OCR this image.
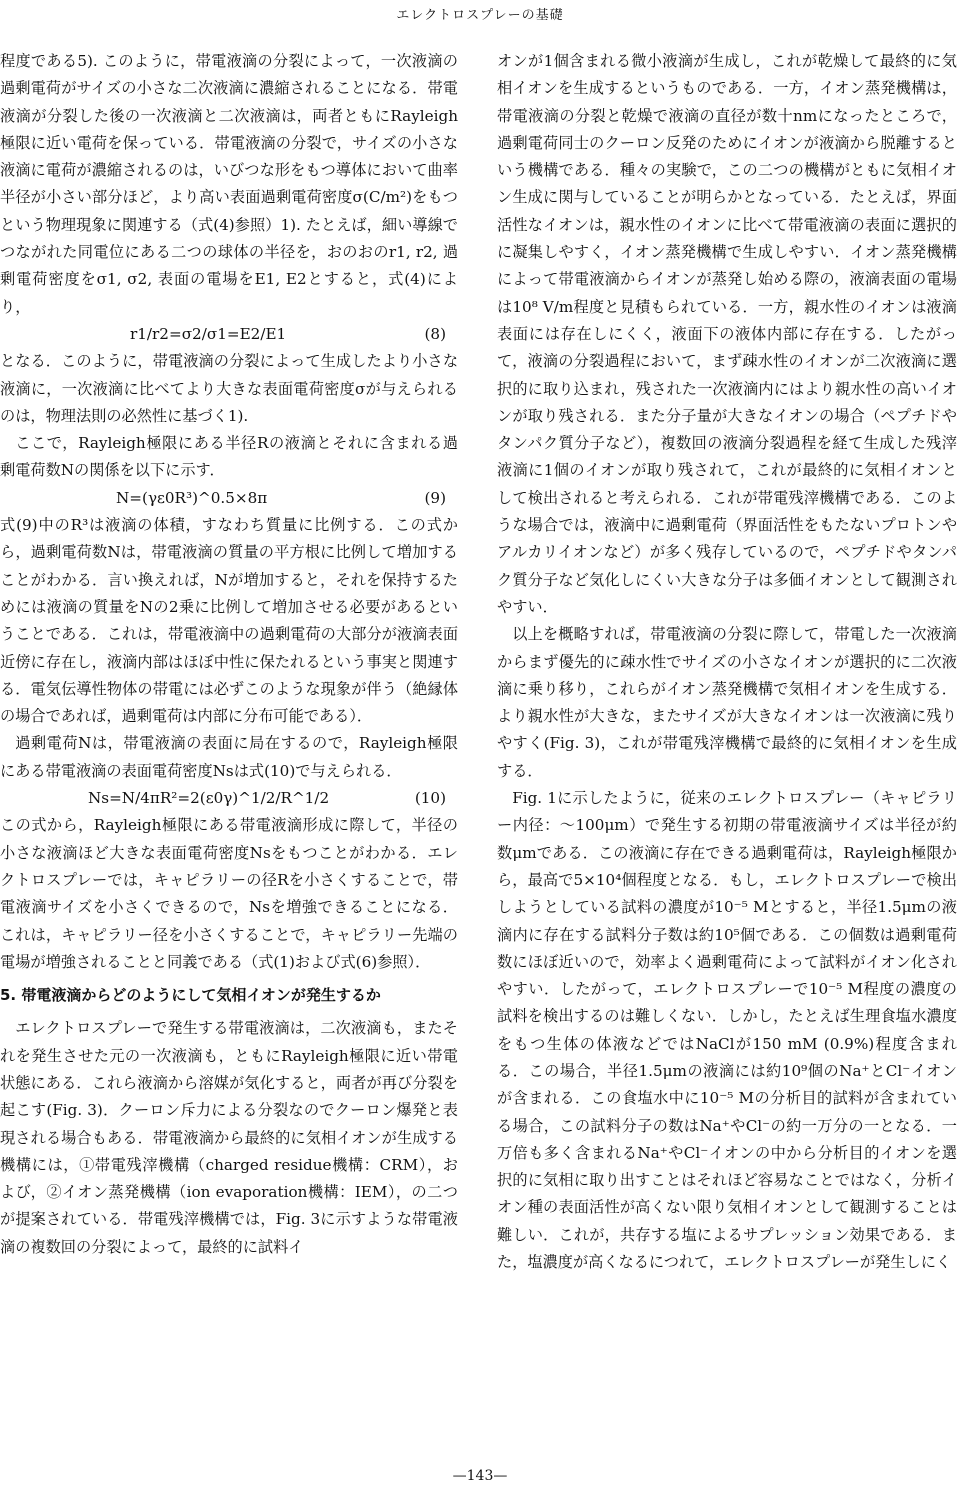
エレクトロスプレーの基礎

程度である5). このように，帯電液滴の分裂によって，一次液滴の過剰電荷がサイズの小さな二次液滴に濃縮されることになる．帯電液滴が分裂した後の一次液滴と二次液滴は，両者ともにRayleigh極限に近い電荷を保っている．帯電液滴の分裂で，サイズの小さな液滴に電荷が濃縮されるのは，いびつな形をもつ導体において曲率半径が小さい部分ほど，より高い表面過剰電荷密度σ(C/m²)をもつという物理現象に関連する（式(4)参照）1). たとえば，細い導線でつながれた同電位にある二つの球体の半径を，おのおのr1, r2, 過剰電荷密度をσ1, σ2, 表面の電場をE1, E2とすると，式(4)により，

r1/r2=σ2/σ1=E2/E1	(8)

となる．このように，帯電液滴の分裂によって生成したより小さな液滴に，一次液滴に比べてより大きな表面電荷密度σが与えられるのは，物理法則の必然性に基づく1).

ここで，Rayleigh極限にある半径Rの液滴とそれに含まれる過剰電荷数Nの関係を以下に示す．

N=(γε0R³)^0.5×8π	(9)

式(9)中のR³は液滴の体積，すなわち質量に比例する．この式から，過剰電荷数Nは，帯電液滴の質量の平方根に比例して増加することがわかる．言い換えれば，Nが増加すると，それを保持するためには液滴の質量をNの2乗に比例して増加させる必要があるということである．これは，帯電液滴中の過剰電荷の大部分が液滴表面近傍に存在し，液滴内部はほぼ中性に保たれるという事実と関連する．電気伝導性物体の帯電には必ずこのような現象が伴う（絶縁体の場合であれば，過剰電荷は内部に分布可能である）．

過剰電荷Nは，帯電液滴の表面に局在するので，Rayleigh極限にある帯電液滴の表面電荷密度Nsは式(10)で与えられる．

Ns=N/4πR²=2(ε0γ)^1/2/R^1/2	(10)

この式から，Rayleigh極限にある帯電液滴形成に際して，半径の小さな液滴ほど大きな表面電荷密度Nsをもつことがわかる．エレクトロスプレーでは，キャピラリーの径Rを小さくすることで，帯電液滴サイズを小さくできるので，Nsを増強できることになる．これは，キャピラリー径を小さくすることで，キャピラリー先端の電場が増強されることと同義である（式(1)および式(6)参照）．

5. 帯電液滴からどのようにして気相イオンが発生するか

エレクトロスプレーで発生する帯電液滴は，二次液滴も，またそれを発生させた元の一次液滴も，ともにRayleigh極限に近い帯電状態にある．これら液滴から溶媒が気化すると，両者が再び分裂を起こす(Fig. 3)．クーロン斥力による分裂なのでクーロン爆発と表現される場合もある．帯電液滴から最終的に気相イオンが生成する機構には，①帯電残滓機構（charged residue機構：CRM），および，②イオン蒸発機構（ion evaporation機構：IEM），の二つが提案されている．帯電残滓機構では，Fig. 3に示すような帯電液滴の複数回の分裂によって，最終的に試料イ

オンが1個含まれる微小液滴が生成し，これが乾燥して最終的に気相イオンを生成するというものである．一方，イオン蒸発機構は，帯電液滴の分裂と乾燥で液滴の直径が数十nmになったところで，過剰電荷同士のクーロン反発のためにイオンが液滴から脱離するという機構である．種々の実験で，この二つの機構がともに気相イオン生成に関与していることが明らかとなっている．たとえば，界面活性なイオンは，親水性のイオンに比べて帯電液滴の表面に選択的に凝集しやすく，イオン蒸発機構で生成しやすい．イオン蒸発機構によって帯電液滴からイオンが蒸発し始める際の，液滴表面の電場は10⁸ V/m程度と見積もられている．一方，親水性のイオンは液滴表面には存在しにくく，液面下の液体内部に存在する．したがって，液滴の分裂過程において，まず疎水性のイオンが二次液滴に選択的に取り込まれ，残された一次液滴内にはより親水性の高いイオンが取り残される．また分子量が大きなイオンの場合（ペプチドやタンパク質分子など），複数回の液滴分裂過程を経て生成した残滓液滴に1個のイオンが取り残されて，これが最終的に気相イオンとして検出されると考えられる．これが帯電残滓機構である．このような場合では，液滴中に過剰電荷（界面活性をもたないプロトンやアルカリイオンなど）が多く残存しているので，ペプチドやタンパク質分子など気化しにくい大きな分子は多価イオンとして観測されやすい．

以上を概略すれば，帯電液滴の分裂に際して，帯電した一次液滴からまず優先的に疎水性でサイズの小さなイオンが選択的に二次液滴に乗り移り，これらがイオン蒸発機構で気相イオンを生成する．より親水性が大きな，またサイズが大きなイオンは一次液滴に残りやすく(Fig. 3)，これが帯電残滓機構で最終的に気相イオンを生成する．

Fig. 1に示したように，従来のエレクトロスプレー（キャピラリー内径：〜100μm）で発生する初期の帯電液滴サイズは半径が約数μmである．この液滴に存在できる過剰電荷は，Rayleigh極限から，最高で5×10⁴個程度となる．もし，エレクトロスプレーで検出しようとしている試料の濃度が10⁻⁵ Mとすると，半径1.5μmの液滴内に存在する試料分子数は約10⁵個である．この個数は過剰電荷数にほぼ近いので，効率よく過剰電荷によって試料がイオン化されやすい．したがって，エレクトロスプレーで10⁻⁵ M程度の濃度の試料を検出するのは難しくない．しかし，たとえば生理食塩水濃度をもつ生体の体液などではNaClが150 mM (0.9%)程度含まれる．この場合，半径1.5μmの液滴には約10⁹個のNa⁺とCl⁻イオンが含まれる．この食塩水中に10⁻⁵ Mの分析目的試料が含まれている場合，この試料分子の数はNa⁺やCl⁻の約一万分の一となる．一万倍も多く含まれるNa⁺やCl⁻イオンの中から分析目的イオンを選択的に気相に取り出すことはそれほど容易なことではなく，分析イオン種の表面活性が高くない限り気相イオンとして観測することは難しい．これが，共存する塩によるサプレッション効果である．また，塩濃度が高くなるにつれて，エレクトロスプレーが発生しにく

—143—
